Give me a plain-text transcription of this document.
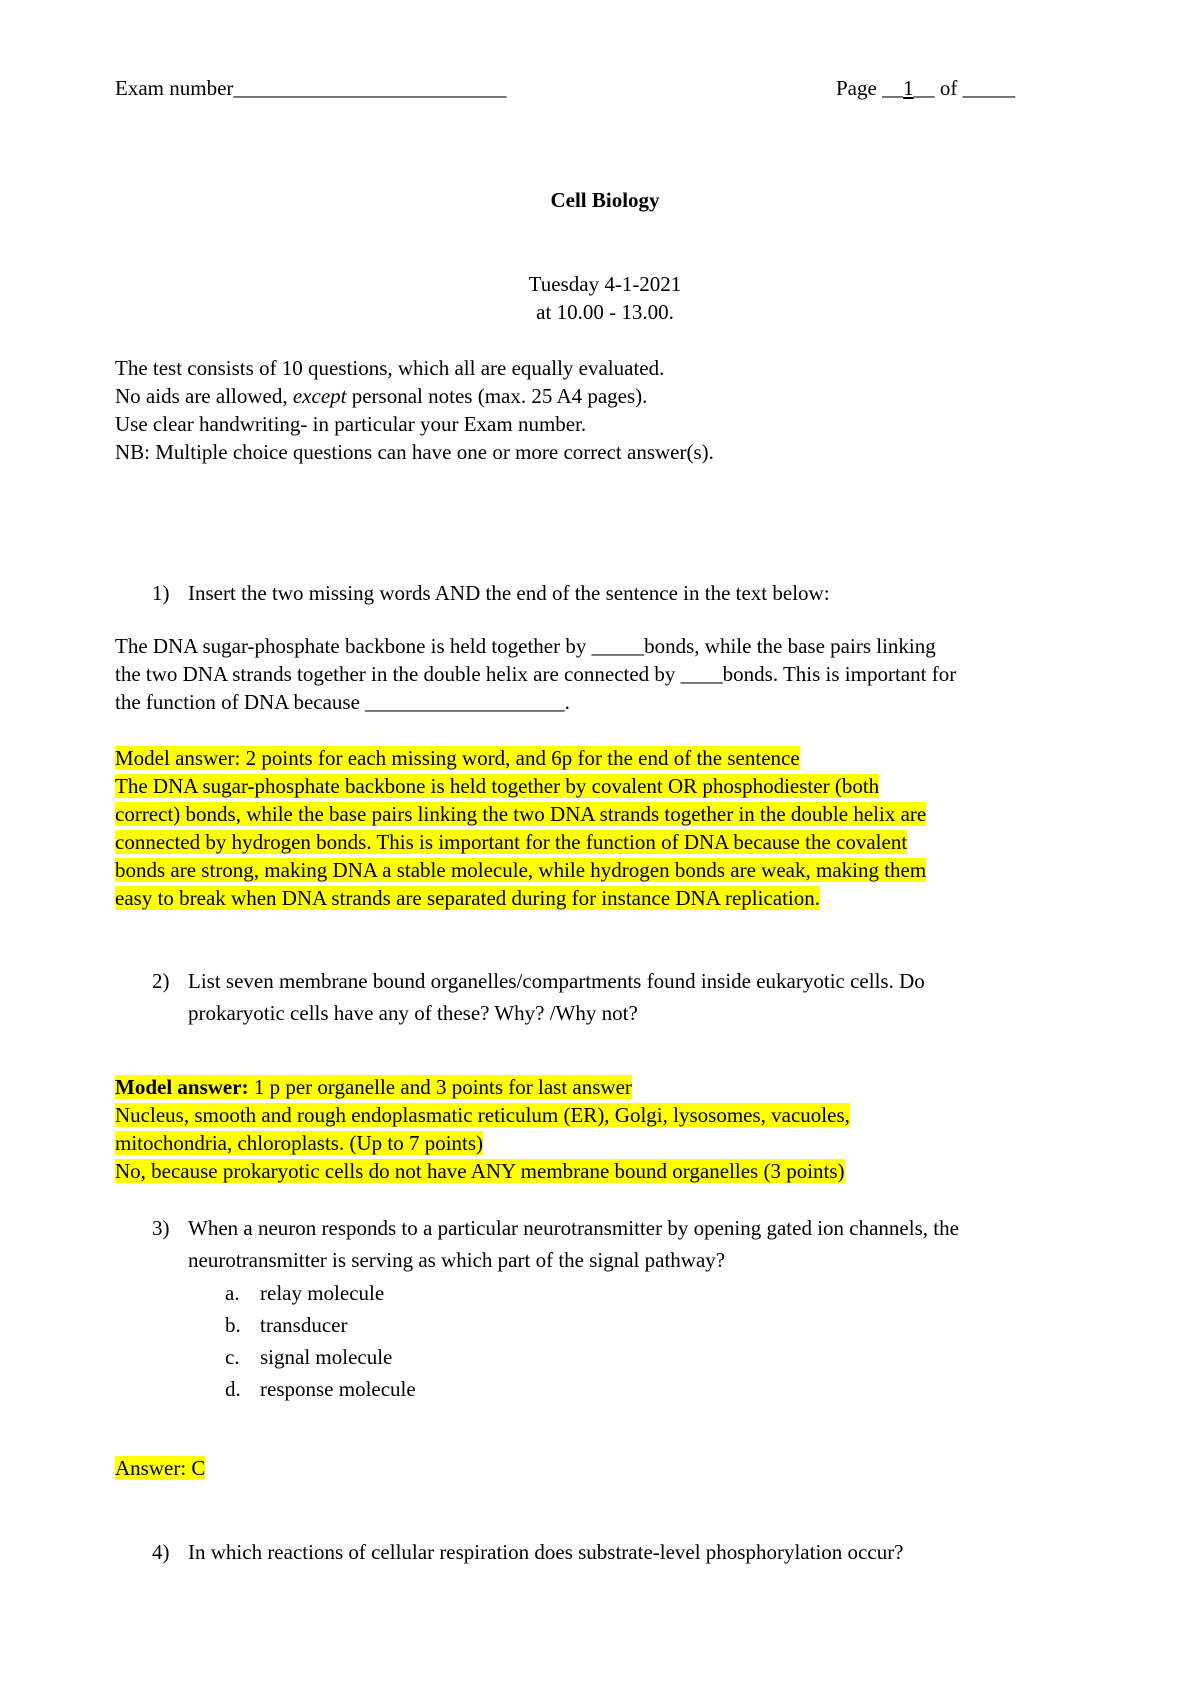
Exam number__________________________	Page __1__ of _____
Cell Biology
Tuesday 4-1-2021
at 10.00 - 13.00.
The test consists of 10 questions, which all are equally evaluated.
No aids are allowed, except personal notes (max. 25 A4 pages).
Use clear handwriting- in particular your Exam number.
NB: Multiple choice questions can have one or more correct answer(s).
1) Insert the two missing words AND the end of the sentence in the text below:
The DNA sugar-phosphate backbone is held together by _____bonds, while the base pairs linking
the two DNA strands together in the double helix are connected by ____bonds. This is important for
the function of DNA because ___________________.
Model answer: 2 points for each missing word, and 6p for the end of the sentence
The DNA sugar-phosphate backbone is held together by covalent OR phosphodiester (both
correct) bonds, while the base pairs linking the two DNA strands together in the double helix are
connected by hydrogen bonds. This is important for the function of DNA because the covalent
bonds are strong, making DNA a stable molecule, while hydrogen bonds are weak, making them
easy to break when DNA strands are separated during for instance DNA replication.
2) List seven membrane bound organelles/compartments found inside eukaryotic cells. Do
prokaryotic cells have any of these? Why? /Why not?
Model answer: 1 p per organelle and 3 points for last answer
Nucleus, smooth and rough endoplasmatic reticulum (ER), Golgi, lysosomes, vacuoles,
mitochondria, chloroplasts. (Up to 7 points)
No, because prokaryotic cells do not have ANY membrane bound organelles (3 points)
3) When a neuron responds to a particular neurotransmitter by opening gated ion channels, the
neurotransmitter is serving as which part of the signal pathway?
a. relay molecule
b. transducer
c. signal molecule
d. response molecule
Answer: C
4) In which reactions of cellular respiration does substrate-level phosphorylation occur?
